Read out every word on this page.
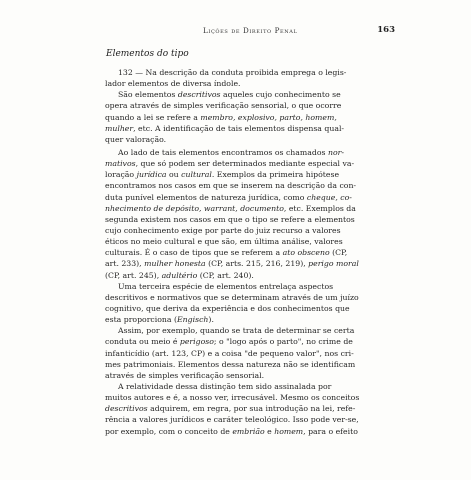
Lições de Direito Penal	163
Elementos do tipo
132 — Na descrição da conduta proibida emprega o legis-
lador elementos de diversa índole.
São elementos descritivos aqueles cujo conhecimento se
opera através de simples verificação sensorial, o que ocorre
quando a lei se refere a membro, explosivo, parto, homem,
mulher, etc. A identificação de tais elementos dispensa qual-
quer valoração.
Ao lado de tais elementos encontramos os chamados nor-
mativos, que só podem ser determinados mediante especial va-
loração jurídica ou cultural. Exemplos da primeira hipótese
encontramos nos casos em que se inserem na descrição da con-
duta punível elementos de natureza jurídica, como cheque, co-
nhecimento de depósito, warrant, documento, etc. Exemplos da
segunda existem nos casos em que o tipo se refere a elementos
cujo conhecimento exige por parte do juiz recurso a valores
éticos no meio cultural e que são, em última análise, valores
culturais. É o caso de tipos que se referem a ato obsceno (CP,
art. 233), mulher honesta (CP, arts. 215, 216, 219), perigo moral
(CP, art. 245), adultério (CP, art. 240).
Uma terceira espécie de elementos entrelaça aspectos
descritivos e normativos que se determinam através de um juízo
cognitivo, que deriva da experiência e dos conhecimentos que
esta proporciona (Engisch).
Assim, por exemplo, quando se trata de determinar se certa
conduta ou meio é perigoso; o "logo após o parto", no crime de
infanticídio (art. 123, CP) e a coisa "de pequeno valor", nos cri-
mes patrimoniais. Elementos dessa natureza não se identificam
através de simples verificação sensorial.
A relatividade dessa distinção tem sido assinalada por
muitos autores e é, a nosso ver, irrecusável. Mesmo os conceitos
descritivos adquirem, em regra, por sua introdução na lei, refe-
rência a valores jurídicos e caráter teleológico. Isso pode ver-se,
por exemplo, com o conceito de embrião e homem, para o efeito
